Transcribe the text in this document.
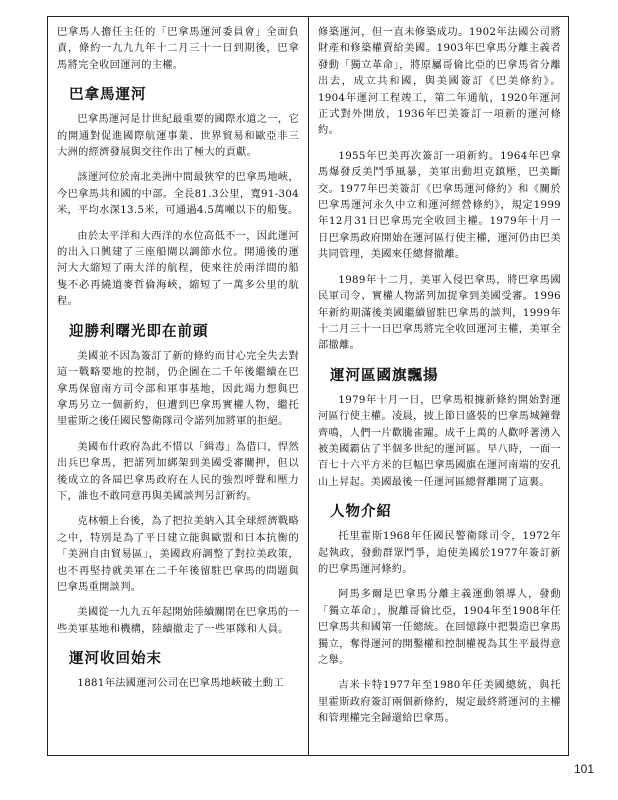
巴拿馬人擔任主任的「巴拿馬運河委員會」全面負責，條約一九九九年十二月三十一日到期後，巴拿馬將完全收回運河的主權。

巴拿馬運河

巴拿馬運河是廿世紀最重要的國際水道之一，它的開通對促進國際航運事業、世界貿易和歐亞非三大洲的經濟發展與交往作出了極大的貢獻。

該運河位於南北美洲中間最狹窄的巴拿馬地峽，今巴拿馬共和國的中部。全長81.3公里，寬91-304米，平均水深13.5米，可通過4.5萬噸以下的船隻。

由於太平洋和大西洋的水位高低不一，因此運河的出入口興建了三座船閘以調節水位。開通後的運河大大縮短了兩大洋的航程，使來往於兩洋間的船隻不必再繞道麥哲倫海峽，縮短了一萬多公里的航程。

迎勝利曙光即在前頭

美國並不因為簽訂了新的條約而甘心完全失去對這一戰略要地的控制，仍企圖在二千年後繼續在巴拿馬保留南方司令部和軍事基地，因此竭力想與巴拿馬另立一個新約，但遭到巴拿馬實權人物，繼托里霍斯之後任國民警衛隊司令諾列加將軍的拒絕。

美國布什政府為此不惜以「緝毒」為借口，悍然出兵巴拿馬，把諾列加綁架到美國受審關押，但以後成立的各屆巴拿馬政府在人民的強烈呼聲和壓力下，誰也不敢同意再與美國談判另訂新約。

克林頓上台後，為了把拉美納入其全球經濟戰略之中，特別是為了平日建立能與歐盟和日本抗衡的「美洲自由貿易區」，美國政府調整了對拉美政策，也不再堅持就美軍在二千年後留駐巴拿馬的問題與巴拿馬重開談判。

美國從一九九五年起開始陸續關閉在巴拿馬的一些美軍基地和機構，陸續撤走了一些軍隊和人員。

運河收回始末

1881年法國運河公司在巴拿馬地峽破土動工

修築運河，但一直未修築成功。1902年法國公司將財產和修築權賣給美國。1903年巴拿馬分離主義者發動「獨立革命」，將原屬哥倫比亞的巴拿馬省分離出去，成立共和國，與美國簽訂《巴美條約》。1904年運河工程竣工，第二年通航，1920年運河正式對外開放，1936年巴美簽訂一項新的運河條約。

1955年巴美再次簽訂一項新約。1964年巴拿馬爆發反美鬥爭風暴，美軍出動坦克鎮壓，巴美斷交。1977年巴美簽訂《巴拿馬運河條約》和《關於巴拿馬運河永久中立和運河經營條約》，規定1999年12月31日巴拿馬完全收回主權。1979年十月一日巴拿馬政府開始在運河區行使主權，運河仍由巴美共同管理，美國來任總督撤離。

1989年十二月，美軍入侵巴拿馬，將巴拿馬國民軍司令、實權人物諾列加捉拿到美國受審。1996年新約期滿後美國繼續留駐巴拿馬的談判，1999年十二月三十一日巴拿馬將完全收回運河主權，美軍全部撤離。

運河區國旗飄揚

1979年十月一日，巴拿馬根據新條約開始對運河區行使主權。凌晨，披上節日盛裝的巴拿馬城鐘聲齊鳴，人們一片歡騰雀躍。成千上萬的人歡呼著湧入被美國霸佔了半個多世紀的運河區。早八時，一面一百七十六平方米的巨幅巴拿馬國旗在運河南端的安孔山上昇起。美國最後一任運河區總督離開了這裏。

人物介紹

托里霍斯1968年任國民警衛隊司令，1972年起執政，發動群眾鬥爭，迫使美國於1977年簽訂新的巴拿馬運河條約。

阿馬多爾是巴拿馬分離主義運動領導人，發動「獨立革命」，脫離哥倫比亞，1904年至1908年任巴拿馬共和國第一任總統。在回憶錄中把製造巴拿馬獨立，奪得運河的開鑿權和控制權視為其生平最得意之舉。

吉米卡特1977年至1980年任美國總統，與托里霍斯政府簽訂兩個新條約，規定最終將運河的主權和管理權完全歸還給巴拿馬。

101
